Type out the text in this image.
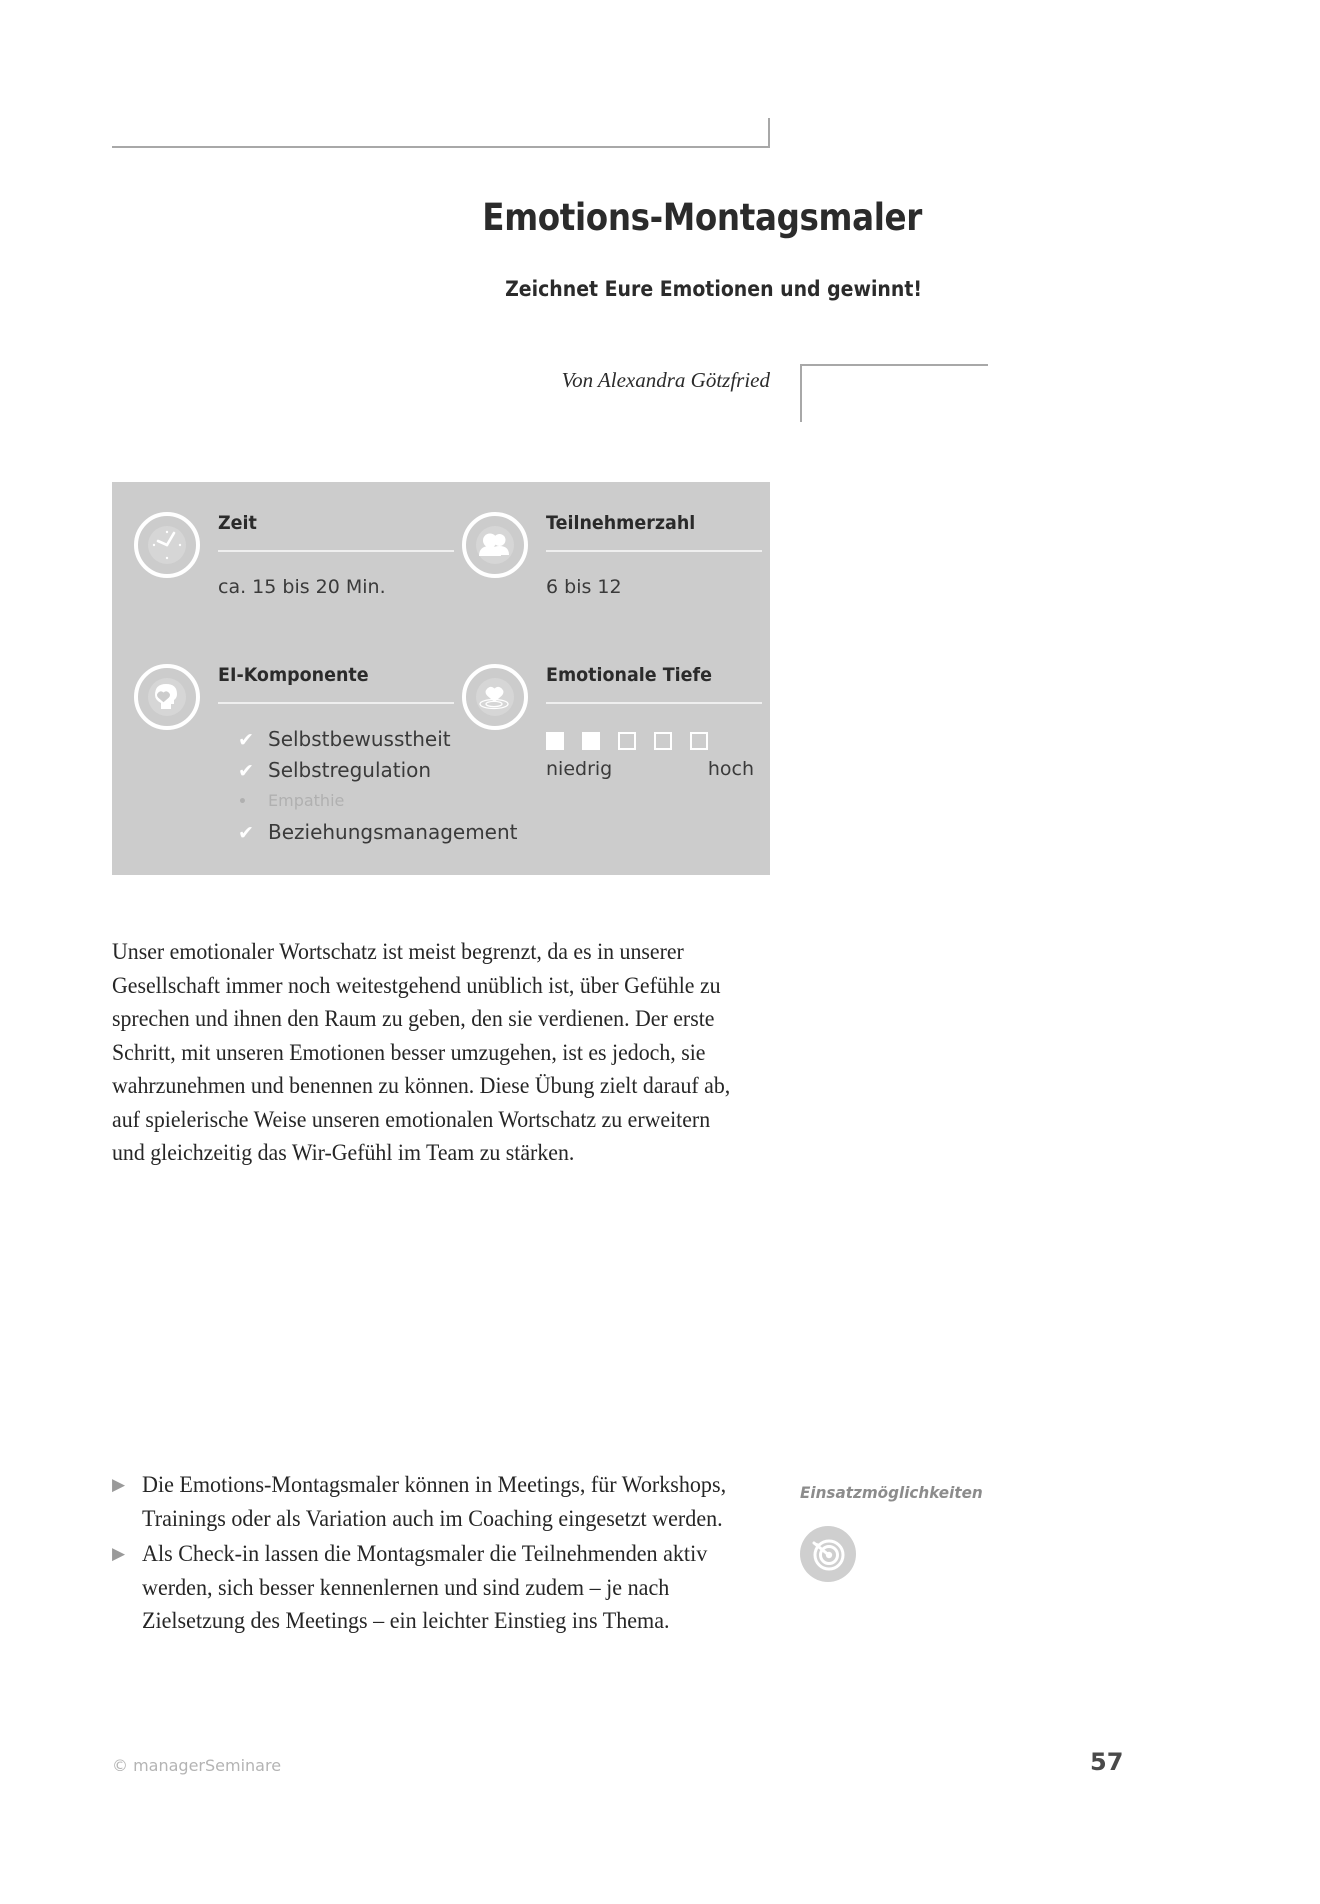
Emotions-Montagsmaler
Zeichnet Eure Emotionen und gewinnt!
Von Alexandra Götzfried
Zeit
ca. 15 bis 20 Min.
Teilnehmerzahl
6 bis 12
EI-Komponente
✔ Selbstbewusstheit
✔ Selbstregulation
•	Empathie
✔ Beziehungsmanagement
Emotionale Tiefe
niedrig	hoch

Unser emotionaler Wortschatz ist meist begrenzt, da es in unserer Gesellschaft immer noch weitestgehend unüblich ist, über Gefühle zu sprechen und ihnen den Raum zu geben, den sie verdienen. Der erste Schritt, mit unseren Emotionen besser umzugehen, ist es jedoch, sie wahrzunehmen und benennen zu können. Diese Übung zielt darauf ab, auf spielerische Weise unseren emotionalen Wortschatz zu erweitern und gleichzeitig das Wir-Gefühl im Team zu stärken.

▶ Die Emotions-Montagsmaler können in Meetings, für Workshops, Trainings oder als Variation auch im Coaching eingesetzt werden.
▶ Als Check-in lassen die Montagsmaler die Teilnehmenden aktiv werden, sich besser kennenlernen und sind zudem – je nach Zielsetzung des Meetings – ein leichter Einstieg ins Thema.
Einsatzmöglichkeiten
© managerSeminare	57
